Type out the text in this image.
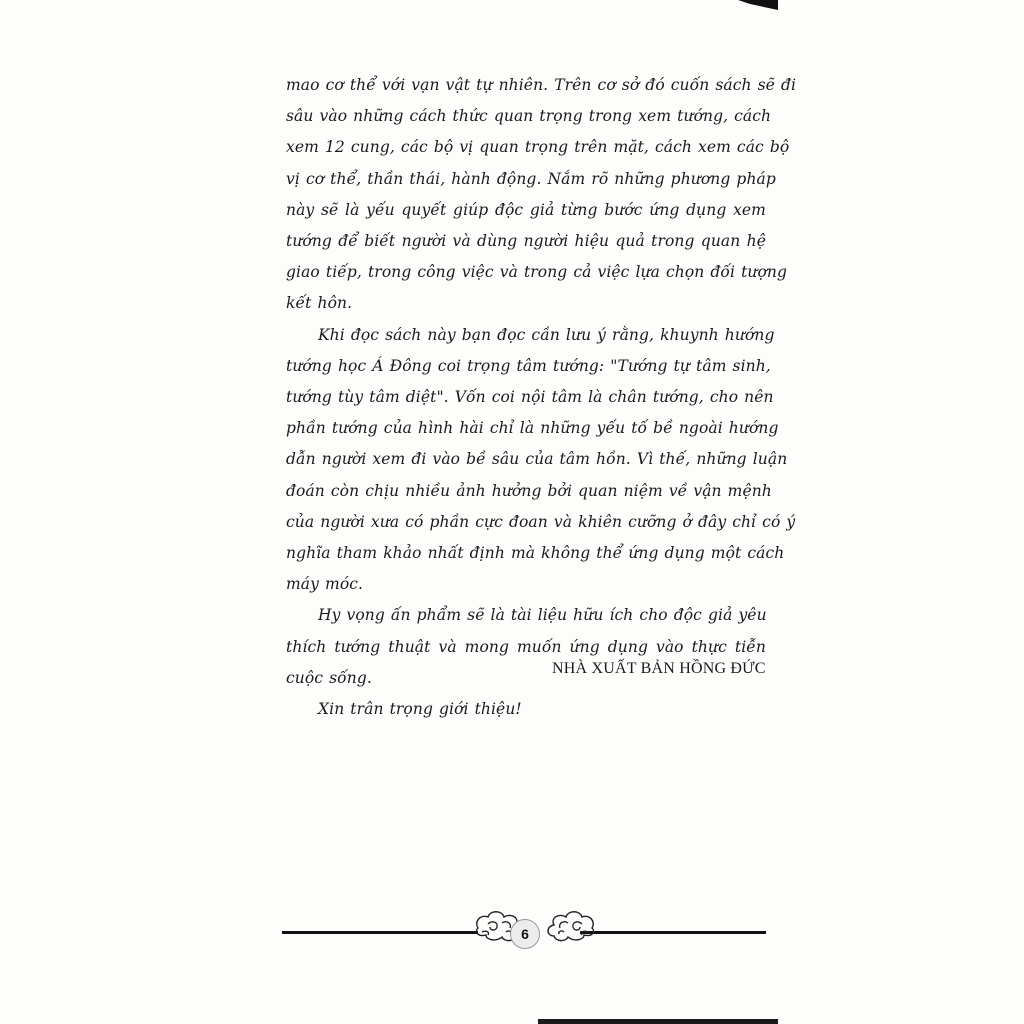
mao cơ thể với vạn vật tự nhiên. Trên cơ sở đó cuốn sách sẽ đi
sâu vào những cách thức quan trọng trong xem tướng, cách
xem 12 cung, các bộ vị quan trọng trên mặt, cách xem các bộ
vị cơ thể, thần thái, hành động. Nắm rõ những phương pháp
này sẽ là yếu quyết giúp độc giả từng bước ứng dụng xem
tướng để biết người và dùng người hiệu quả trong quan hệ
giao tiếp, trong công việc và trong cả việc lựa chọn đối tượng
kết hôn.
Khi đọc sách này bạn đọc cần lưu ý rằng, khuynh hướng
tướng học Á Đông coi trọng tâm tướng: "Tướng tự tâm sinh,
tướng tùy tâm diệt". Vốn coi nội tâm là chân tướng, cho nên
phần tướng của hình hài chỉ là những yếu tố bề ngoài hướng
dẫn người xem đi vào bề sâu của tâm hồn. Vì thế, những luận
đoán còn chịu nhiều ảnh hưởng bởi quan niệm về vận mệnh
của người xưa có phần cực đoan và khiên cưỡng ở đây chỉ có ý
nghĩa tham khảo nhất định mà không thể ứng dụng một cách
máy móc.
Hy vọng ấn phẩm sẽ là tài liệu hữu ích cho độc giả yêu
thích tướng thuật và mong muốn ứng dụng vào thực tiễn
cuộc sống.
Xin trân trọng giới thiệu!
NHÀ XUẤT BẢN HỒNG ĐỨC
6
